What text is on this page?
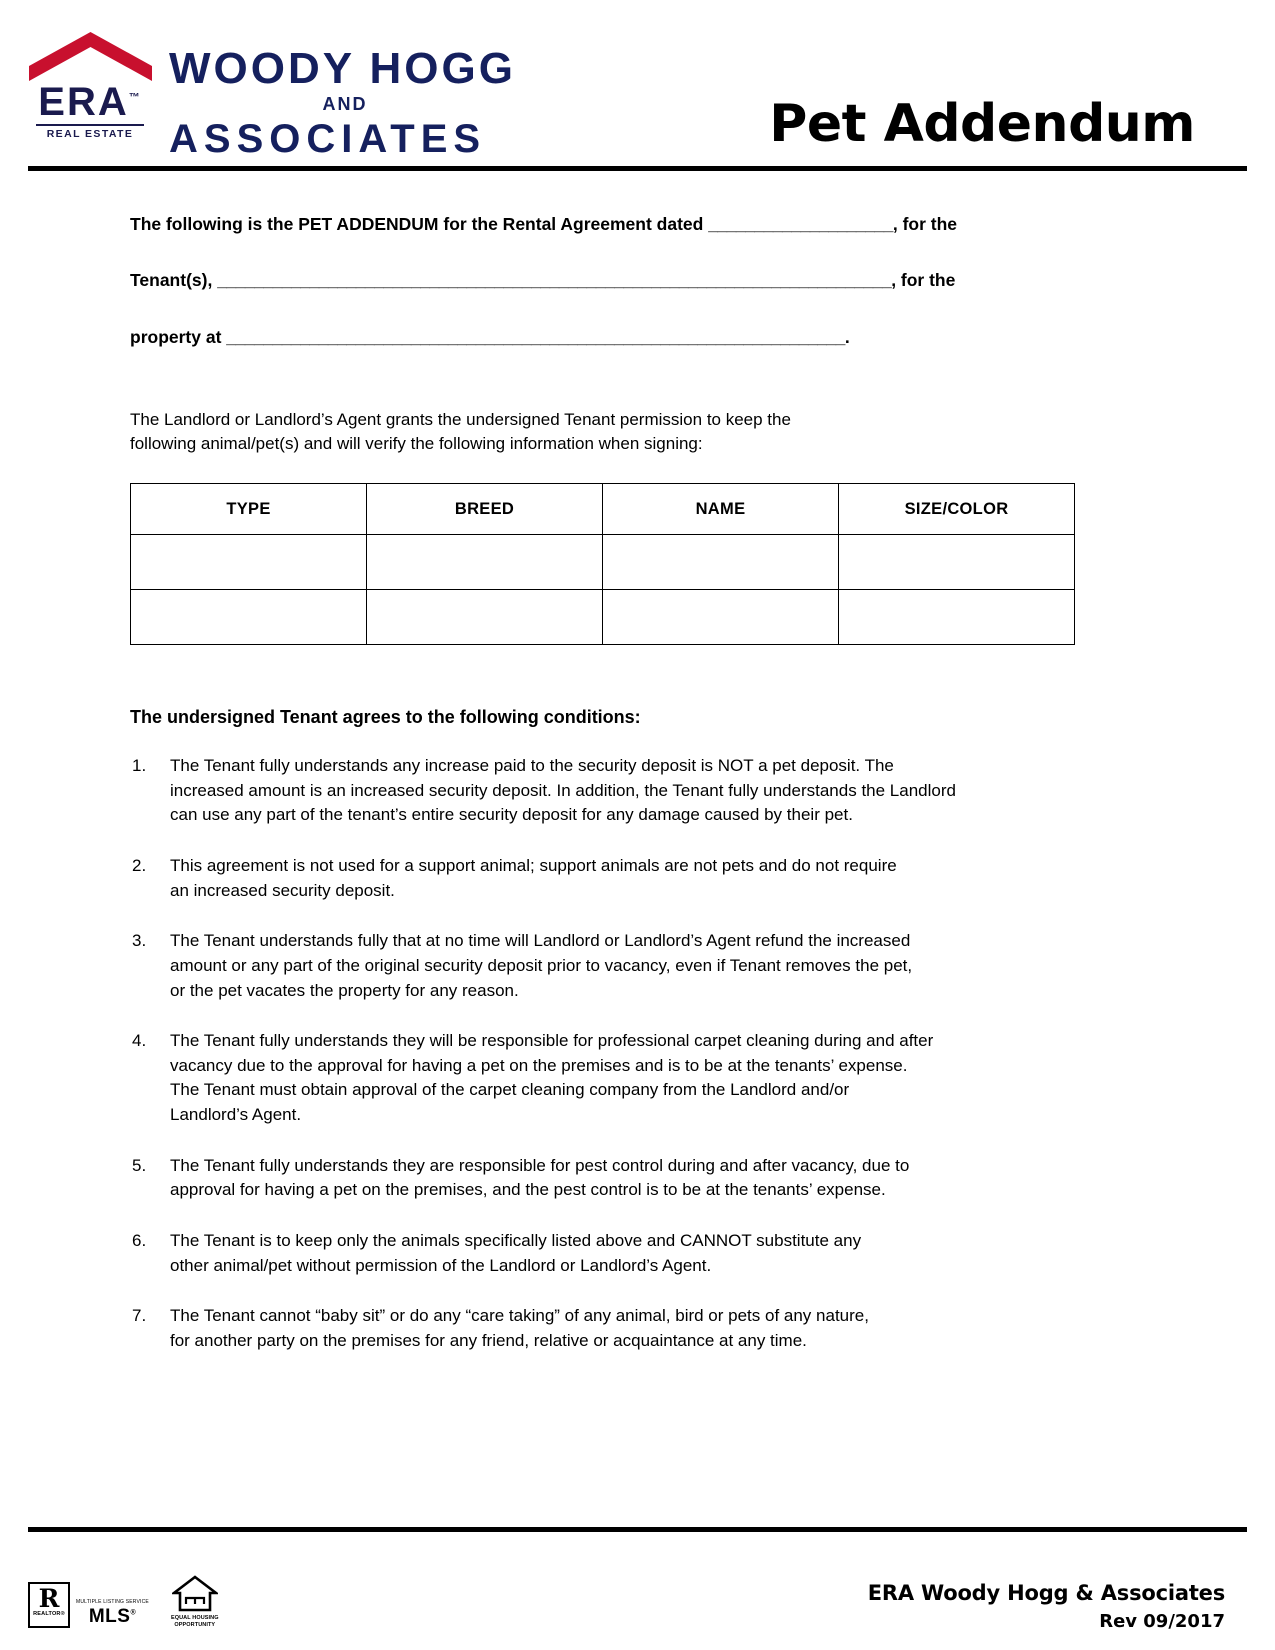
ERA™
REAL ESTATE
WOODY HOGG
AND
ASSOCIATES	Pet Addendum
The following is the PET ADDENDUM for the Rental Agreement dated ____________________, for the
Tenant(s), _________________________________________________________________________, for the
property at ___________________________________________________________________.
The Landlord or Landlord’s Agent grants the undersigned Tenant permission to keep the
following animal/pet(s) and will verify the following information when signing:
TYPE	BREED	NAME	SIZE/COLOR

The undersigned Tenant agrees to the following conditions:
1. The Tenant fully understands any increase paid to the security deposit is NOT a pet deposit. The
increased amount is an increased security deposit. In addition, the Tenant fully understands the Landlord
can use any part of the tenant’s entire security deposit for any damage caused by their pet.
2. This agreement is not used for a support animal; support animals are not pets and do not require
an increased security deposit.
3. The Tenant understands fully that at no time will Landlord or Landlord’s Agent refund the increased
amount or any part of the original security deposit prior to vacancy, even if Tenant removes the pet,
or the pet vacates the property for any reason.
4. The Tenant fully understands they will be responsible for professional carpet cleaning during and after
vacancy due to the approval for having a pet on the premises and is to be at the tenants’ expense.
The Tenant must obtain approval of the carpet cleaning company from the Landlord and/or
Landlord’s Agent.
5. The Tenant fully understands they are responsible for pest control during and after vacancy, due to
approval for having a pet on the premises, and the pest control is to be at the tenants’ expense.
6. The Tenant is to keep only the animals specifically listed above and CANNOT substitute any
other animal/pet without permission of the Landlord or Landlord’s Agent.
7. The Tenant cannot “baby sit” or do any “care taking” of any animal, bird or pets of any nature,
for another party on the premises for any friend, relative or acquaintance at any time.
R
REALTOR®
MULTIPLE LISTING SERVICE
MLS®
EQUAL HOUSING
OPPORTUNITY
ERA Woody Hogg & Associates
Rev 09/2017
